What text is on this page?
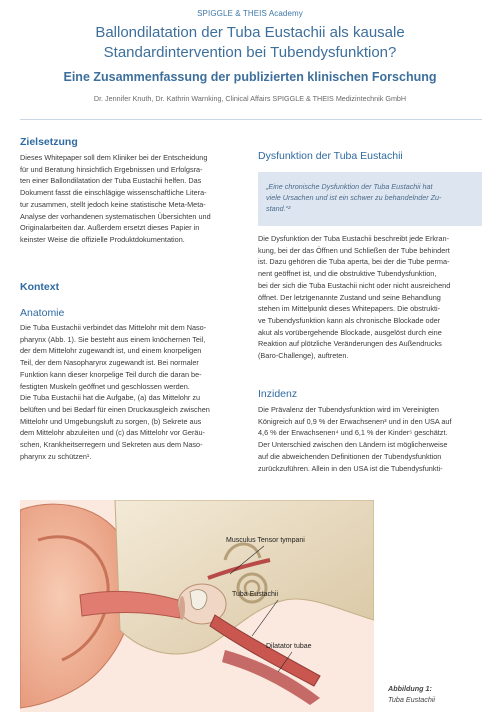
SPIGGLE & THEIS Academy
Ballondilatation der Tuba Eustachii als kausale
Standardintervention bei Tubendysfunktion?
Eine Zusammenfassung der publizierten klinischen Forschung
Dr. Jennifer Knuth, Dr. Kathrin Warnking, Clinical Affairs SPIGGLE & THEIS Medizintechnik GmbH
Zielsetzung
Dieses Whitepaper soll dem Kliniker bei der Entscheidung
für und Beratung hinsichtlich Ergebnissen und Erfolgsra-
ten einer Ballondilatation der Tuba Eustachii helfen. Das
Dokument fasst die einschlägige wissenschaftliche Litera-
tur zusammen, stellt jedoch keine statistische Meta-Meta-
Analyse der vorhandenen systematischen Übersichten und
Originalarbeiten dar. Außerdem ersetzt dieses Papier in
keinster Weise die offizielle Produktdokumentation.
Kontext
Anatomie
Die Tuba Eustachii verbindet das Mittelohr mit dem Naso-
pharynx (Abb. 1). Sie besteht aus einem knöchernen Teil,
der dem Mittelohr zugewandt ist, und einem knorpeligen
Teil, der dem Nasopharynx zugewandt ist. Bei normaler
Funktion kann dieser knorpelige Teil durch die daran be-
festigten Muskeln geöffnet und geschlossen werden.
Die Tuba Eustachii hat die Aufgabe, (a) das Mittelohr zu
belüften und bei Bedarf für einen Druckausgleich zwischen
Mittelohr und Umgebungsluft zu sorgen, (b) Sekrete aus
dem Mittelohr abzuleiten und (c) das Mittelohr vor Geräu-
schen, Krankheitserregern und Sekreten aus dem Naso-
pharynx zu schützen¹.
Dysfunktion der Tuba Eustachii

„Eine chronische Dysfunktion der Tuba Eustachii hat
viele Ursachen und ist ein schwer zu behandelnder Zu-
stand.“²

Die Dysfunktion der Tuba Eustachii beschreibt jede Erkran-
kung, bei der das Öffnen und Schließen der Tube behindert
ist. Dazu gehören die Tuba aperta, bei der die Tube perma-
nent geöffnet ist, und die obstruktive Tubendysfunktion,
bei der sich die Tuba Eustachii nicht oder nicht ausreichend
öffnet. Der letztgenannte Zustand und seine Behandlung
stehen im Mittelpunkt dieses Whitepapers. Die obstrukti-
ve Tubendysfunktion kann als chronische Blockade oder
akut als vorübergehende Blockade, ausgelöst durch eine
Reaktion auf plötzliche Veränderungen des Außendrucks
(Baro-Challenge), auftreten.
Inzidenz
Die Prävalenz der Tubendysfunktion wird im Vereinigten
Königreich auf 0,9 % der Erwachsenen³ und in den USA auf
4,6 % der Erwachsenen⁴ und 6,1 % der Kinder⁵ geschätzt.
Der Unterschied zwischen den Ländern ist möglicherweise
auf die abweichenden Definitionen der Tubendysfunktion
zurückzuführen. Allein in den USA ist die Tubendysfunkti-
Musculus Tensor tympani
Tuba Eustachii
Dilatator tubae
Abbildung 1:
Tuba Eustachii
